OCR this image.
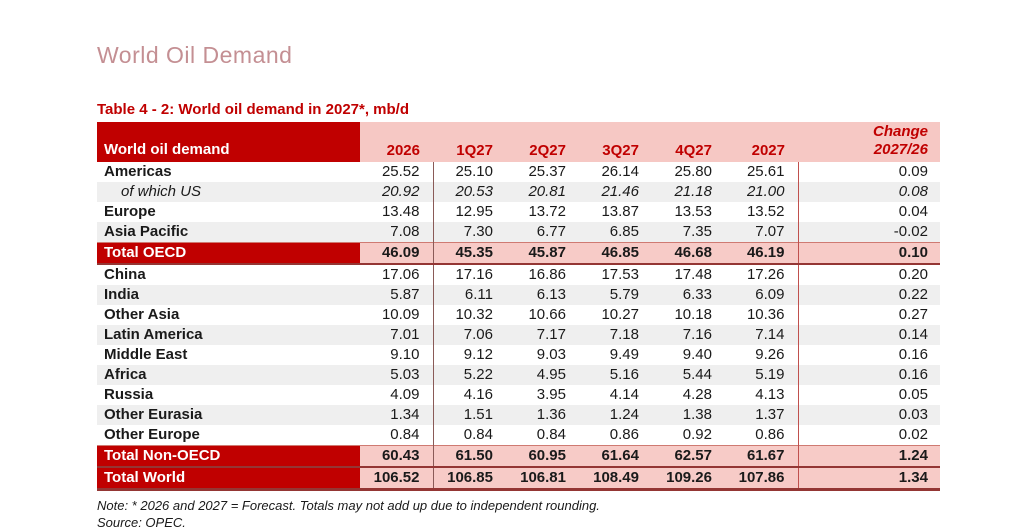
World Oil Demand
Table 4 - 2: World oil demand in 2027*, mb/d
World oil demand	2026	1Q27	2Q27	3Q27	4Q27	2027	Change
2027/26

Americas	25.52	25.10	25.37	26.14	25.80	25.61	0.09
of which US	20.92	20.53	20.81	21.46	21.18	21.00	0.08
Europe	13.48	12.95	13.72	13.87	13.53	13.52	0.04
Asia Pacific	7.08	7.30	6.77	6.85	7.35	7.07	-0.02
Total OECD	46.09	45.35	45.87	46.85	46.68	46.19	0.10
China	17.06	17.16	16.86	17.53	17.48	17.26	0.20
India	5.87	6.11	6.13	5.79	6.33	6.09	0.22
Other Asia	10.09	10.32	10.66	10.27	10.18	10.36	0.27
Latin America	7.01	7.06	7.17	7.18	7.16	7.14	0.14
Middle East	9.10	9.12	9.03	9.49	9.40	9.26	0.16
Africa	5.03	5.22	4.95	5.16	5.44	5.19	0.16
Russia	4.09	4.16	3.95	4.14	4.28	4.13	0.05
Other Eurasia	1.34	1.51	1.36	1.24	1.38	1.37	0.03
Other Europe	0.84	0.84	0.84	0.86	0.92	0.86	0.02
Total Non-OECD	60.43	61.50	60.95	61.64	62.57	61.67	1.24
Total World	106.52	106.85	106.81	108.49	109.26	107.86	1.34
Note: * 2026 and 2027 = Forecast. Totals may not add up due to independent rounding.
Source: OPEC.
